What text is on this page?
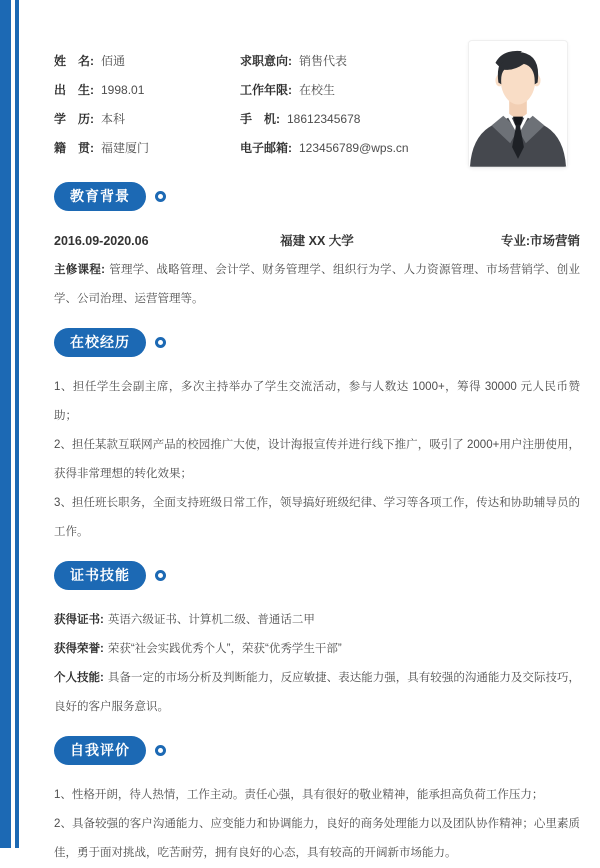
姓　名: 佰通
出　生: 1998.01
学　历: 本科
籍　贯: 福建厦门
求职意向: 销售代表
工作年限: 在校生
手　机: 18612345678
电子邮箱: 123456789@wps.cn
教育背景
2016.09-2020.06	福建 XX 大学	专业:市场营销

主修课程: 管理学、战略管理、会计学、财务管理学、组织行为学、人力资源管理、市场营销学、创业学、公司治理、运营管理等。

在校经历

1、担任学生会副主席，多次主持举办了学生交流活动，参与人数达 1000+，筹得 30000 元人民币赞助；

2、担任某款互联网产品的校园推广大使，设计海报宣传并进行线下推广，吸引了 2000+用户注册使用，获得非常理想的转化效果；

3、担任班长职务，全面支持班级日常工作，领导搞好班级纪律、学习等各项工作，传达和协助辅导员的工作。

证书技能

获得证书: 英语六级证书、计算机二级、普通话二甲

获得荣誉: 荣获“社会实践优秀个人”，荣获“优秀学生干部”

个人技能: 具备一定的市场分析及判断能力，反应敏捷、表达能力强，具有较强的沟通能力及交际技巧，良好的客户服务意识。

自我评价

1、性格开朗，待人热情，工作主动。责任心强，具有很好的敬业精神，能承担高负荷工作压力；

2、具备较强的客户沟通能力、应变能力和协调能力，良好的商务处理能力以及团队协作精神；心里素质佳，勇于面对挑战，吃苦耐劳，拥有良好的心态，具有较高的开阔新市场能力。
